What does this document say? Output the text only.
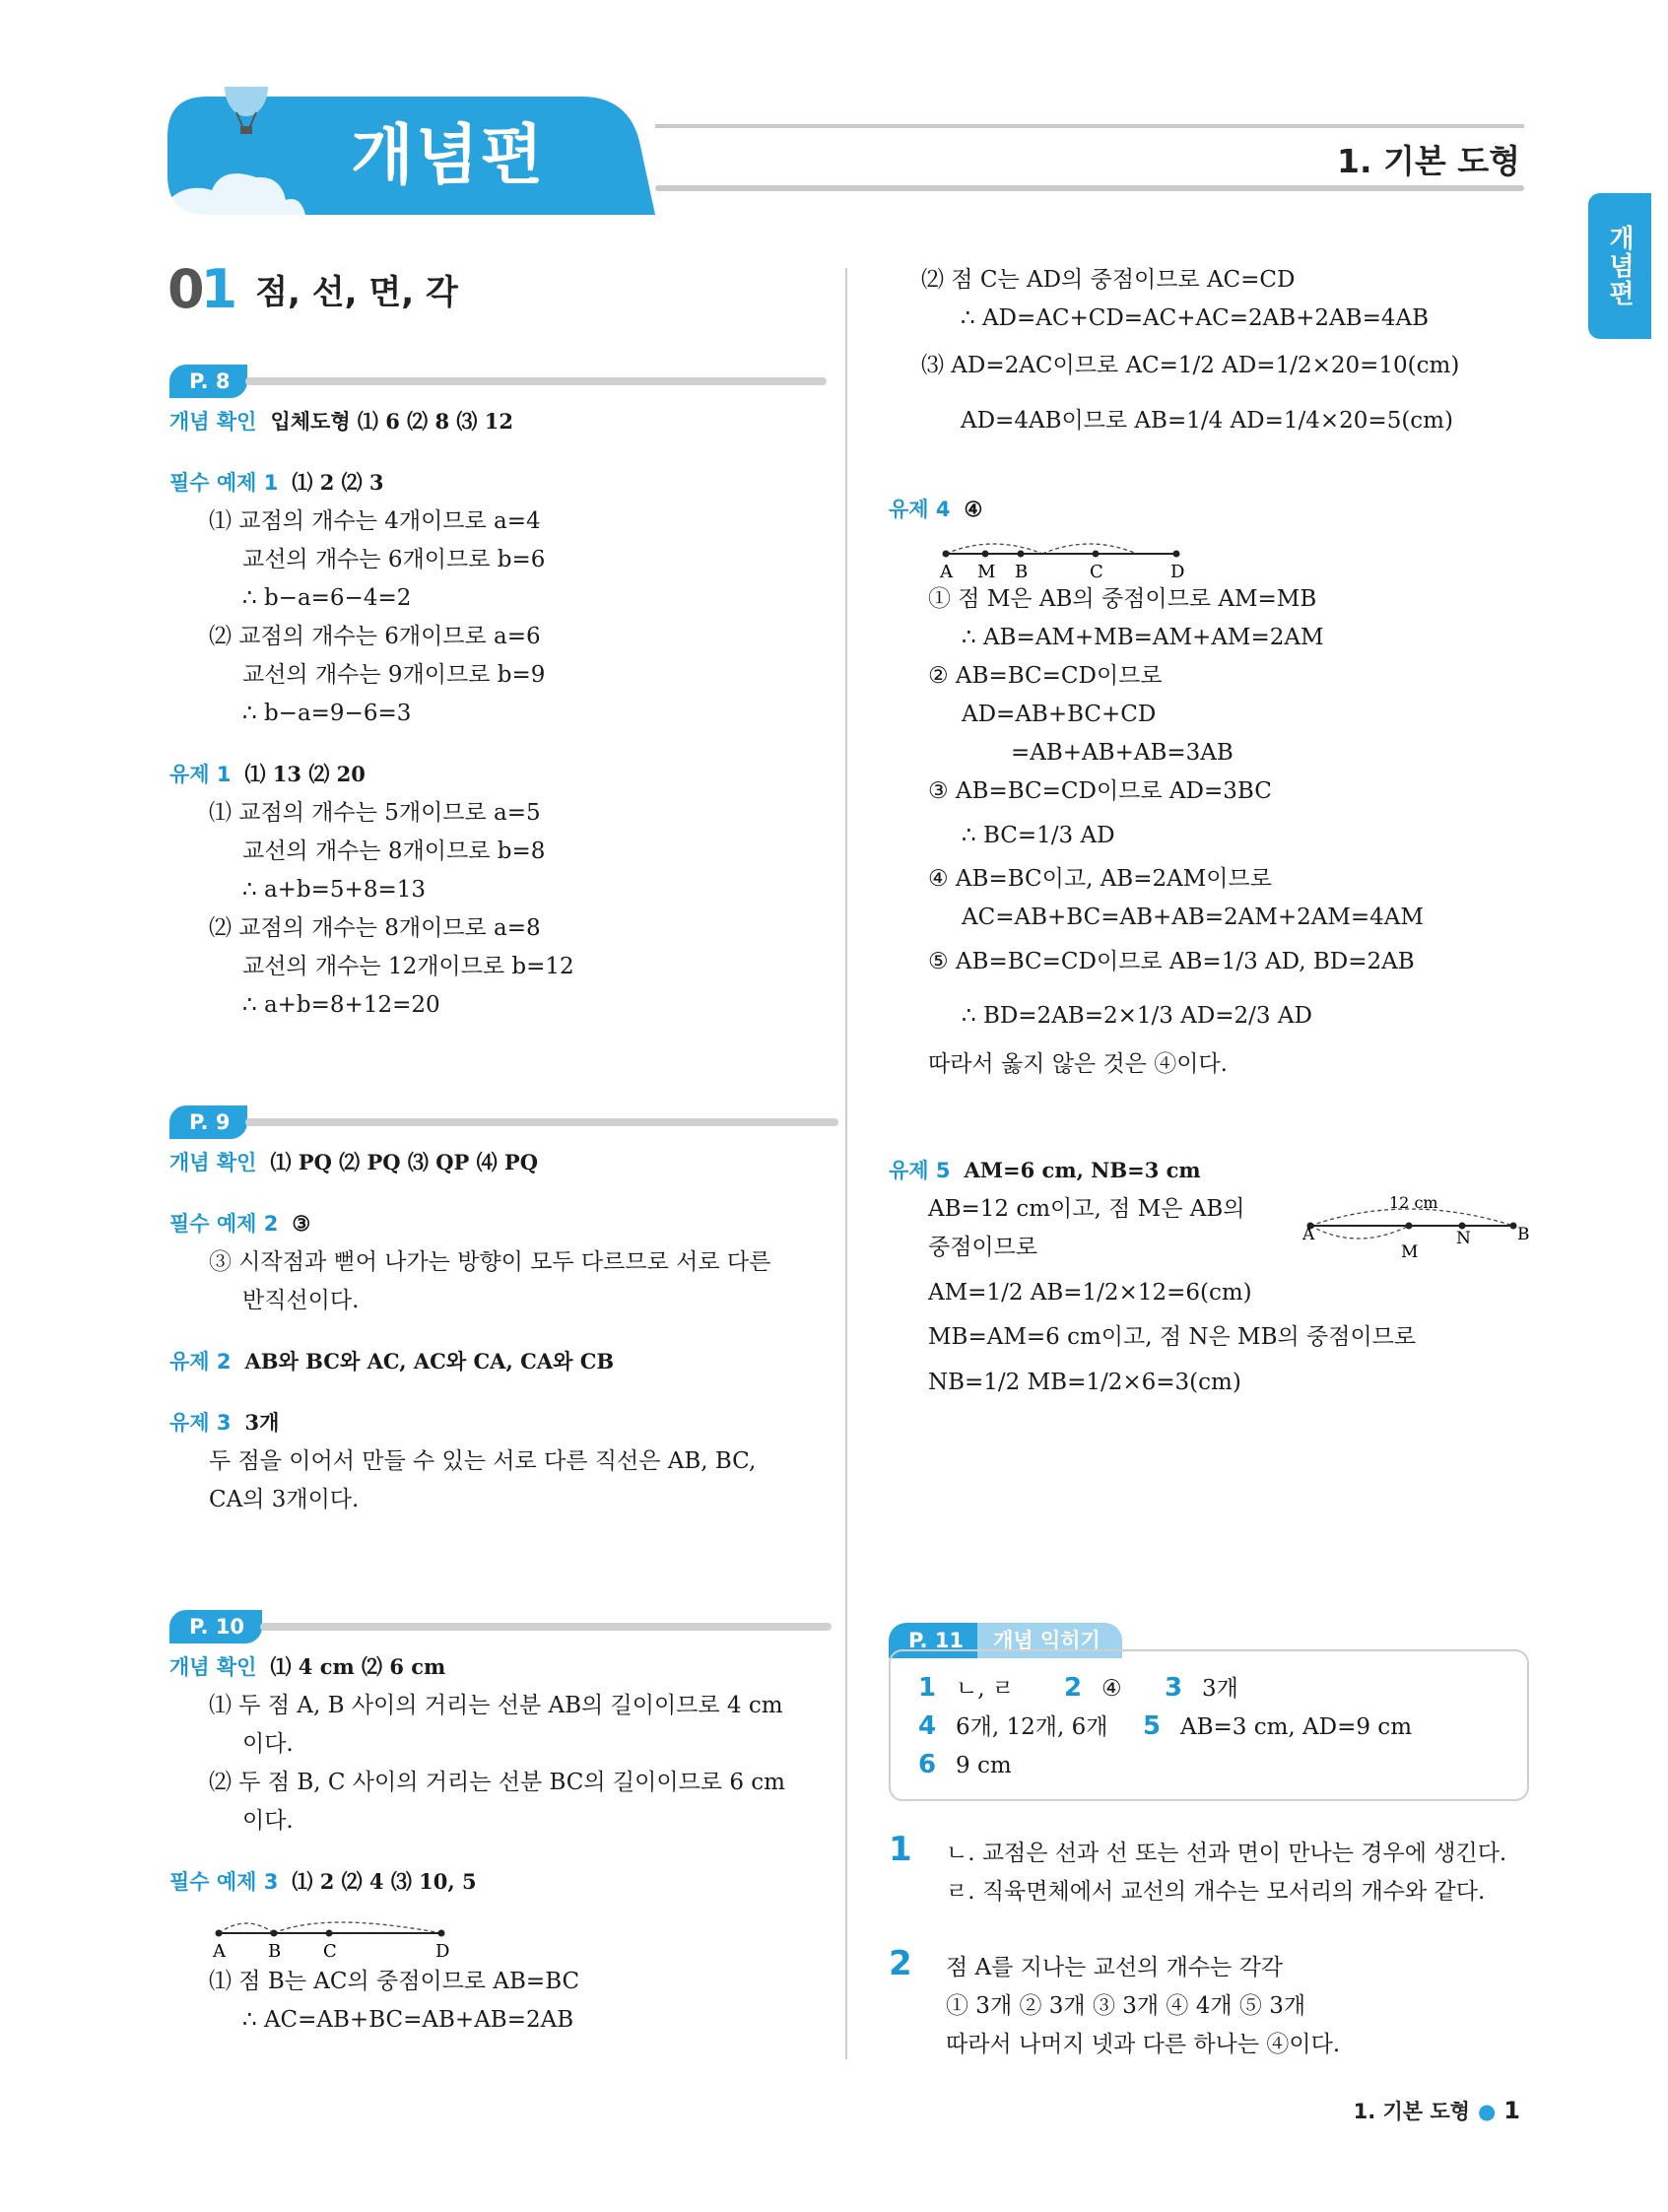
개념편	1. 기본 도형
개념편
01 점, 선, 면, 각
P. 8
개념 확인 입체도형 ⑴ 6 ⑵ 8 ⑶ 12
필수 예제 1 ⑴ 2 ⑵ 3
⑴ 교점의 개수는 4개이므로 a=4
교선의 개수는 6개이므로 b=6
∴ b−a=6−4=2
⑵ 교점의 개수는 6개이므로 a=6
교선의 개수는 9개이므로 b=9
∴ b−a=9−6=3
유제 1 ⑴ 13 ⑵ 20
⑴ 교점의 개수는 5개이므로 a=5
교선의 개수는 8개이므로 b=8
∴ a+b=5+8=13
⑵ 교점의 개수는 8개이므로 a=8
교선의 개수는 12개이므로 b=12
∴ a+b=8+12=20
P. 9
개념 확인 ⑴ PQ ⑵ PQ ⑶ QP ⑷ PQ
필수 예제 2 ③
③ 시작점과 뻗어 나가는 방향이 모두 다르므로 서로 다른
반직선이다.
유제 2 AB와 BC와 AC, AC와 CA, CA와 CB
유제 3 3개
두 점을 이어서 만들 수 있는 서로 다른 직선은 AB, BC,
CA의 3개이다.
P. 10
개념 확인 ⑴ 4 cm ⑵ 6 cm
⑴ 두 점 A, B 사이의 거리는 선분 AB의 길이이므로 4 cm
이다.
⑵ 두 점 B, C 사이의 거리는 선분 BC의 길이이므로 6 cm
이다.
필수 예제 3 ⑴ 2 ⑵ 4 ⑶ 10, 5
⑴ 점 B는 AC의 중점이므로 AB=BC
∴ AC=AB+BC=AB+AB=2AB
A B C	D
⑵ 점 C는 AD의 중점이므로 AC=CD
∴ AD=AC+CD=AC+AC=2AB+2AB=4AB
⑶ AD=2AC이므로 AC=1/2 AD=1/2×20=10(cm)
AD=4AB이므로 AB=1/4 AD=1/4×20=5(cm)
유제 4 ④
① 점 M은 AB의 중점이므로 AM=MB
∴ AB=AM+MB=AM+AM=2AM
② AB=BC=CD이므로
AD=AB+BC+CD
=AB+AB+AB=3AB
③ AB=BC=CD이므로 AD=3BC
∴ BC=1/3 AD
④ AB=BC이고, AB=2AM이므로
AC=AB+BC=AB+AB=2AM+2AM=4AM
⑤ AB=BC=CD이므로 AB=1/3 AD, BD=2AB
∴ BD=2AB=2×1/3 AD=2/3 AD
따라서 옳지 않은 것은 ④이다.
A M B	C	D
유제 5 AM=6 cm, NB=3 cm
AB=12 cm이고, 점 M은 AB의
중점이므로
AM=1/2 AB=1/2×12=6(cm)
MB=AM=6 cm이고, 점 N은 MB의 중점이므로
NB=1/2 MB=1/2×6=3(cm)
12 cm
A
M
N	B
P. 11	개념 익히기
1 ㄴ, ㄹ 2 ④ 3 3개
4 6개, 12개, 6개 5 AB=3 cm, AD=9 cm
6 9 cm
1 ㄴ. 교점은 선과 선 또는 선과 면이 만나는 경우에 생긴다.
ㄹ. 직육면체에서 교선의 개수는 모서리의 개수와 같다.
2 점 A를 지나는 교선의 개수는 각각
① 3개 ② 3개 ③ 3개 ④ 4개 ⑤ 3개
따라서 나머지 넷과 다른 하나는 ④이다.
1. 기본 도형 ● 1
